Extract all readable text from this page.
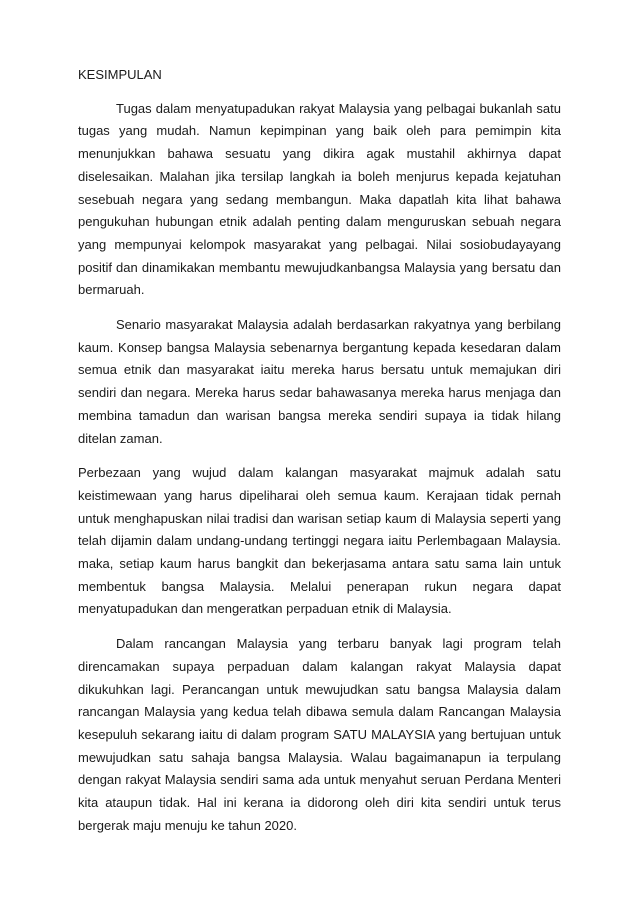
KESIMPULAN

Tugas dalam menyatupadukan rakyat Malaysia yang pelbagai bukanlah satu tugas yang mudah. Namun kepimpinan yang baik oleh para pemimpin kita menunjukkan bahawa sesuatu yang dikira agak mustahil akhirnya dapat diselesaikan. Malahan jika tersilap langkah ia boleh menjurus kepada kejatuhan sesebuah negara yang sedang membangun. Maka dapatlah kita lihat bahawa pengukuhan hubungan etnik adalah penting dalam menguruskan sebuah negara yang mempunyai kelompok masyarakat yang pelbagai. Nilai sosiobudayayang positif dan dinamikakan membantu mewujudkanbangsa Malaysia yang bersatu dan bermaruah.

Senario masyarakat Malaysia adalah berdasarkan rakyatnya yang berbilang kaum. Konsep bangsa Malaysia sebenarnya bergantung kepada kesedaran dalam semua etnik dan masyarakat iaitu mereka harus bersatu untuk memajukan diri sendiri dan negara. Mereka harus sedar bahawasanya mereka harus menjaga dan membina tamadun dan warisan bangsa mereka sendiri supaya ia tidak hilang ditelan zaman.

Perbezaan yang wujud dalam kalangan masyarakat majmuk adalah satu keistimewaan yang harus dipeliharai oleh semua kaum. Kerajaan tidak pernah untuk menghapuskan nilai tradisi dan warisan setiap kaum di Malaysia seperti yang telah dijamin dalam undang-undang tertinggi negara iaitu Perlembagaan Malaysia. maka, setiap kaum harus bangkit dan bekerjasama antara satu sama lain untuk membentuk bangsa Malaysia. Melalui penerapan rukun negara dapat menyatupadukan dan mengeratkan perpaduan etnik di Malaysia.

Dalam rancangan Malaysia yang terbaru banyak lagi program telah direncamakan supaya perpaduan dalam kalangan rakyat Malaysia dapat dikukuhkan lagi. Perancangan untuk mewujudkan satu bangsa Malaysia dalam rancangan Malaysia yang kedua telah dibawa semula dalam Rancangan Malaysia kesepuluh sekarang iaitu di dalam program SATU MALAYSIA yang bertujuan untuk mewujudkan satu sahaja bangsa Malaysia. Walau bagaimanapun ia terpulang dengan rakyat Malaysia sendiri sama ada untuk menyahut seruan Perdana Menteri kita ataupun tidak. Hal ini kerana ia didorong oleh diri kita sendiri untuk terus bergerak maju menuju ke tahun 2020.
